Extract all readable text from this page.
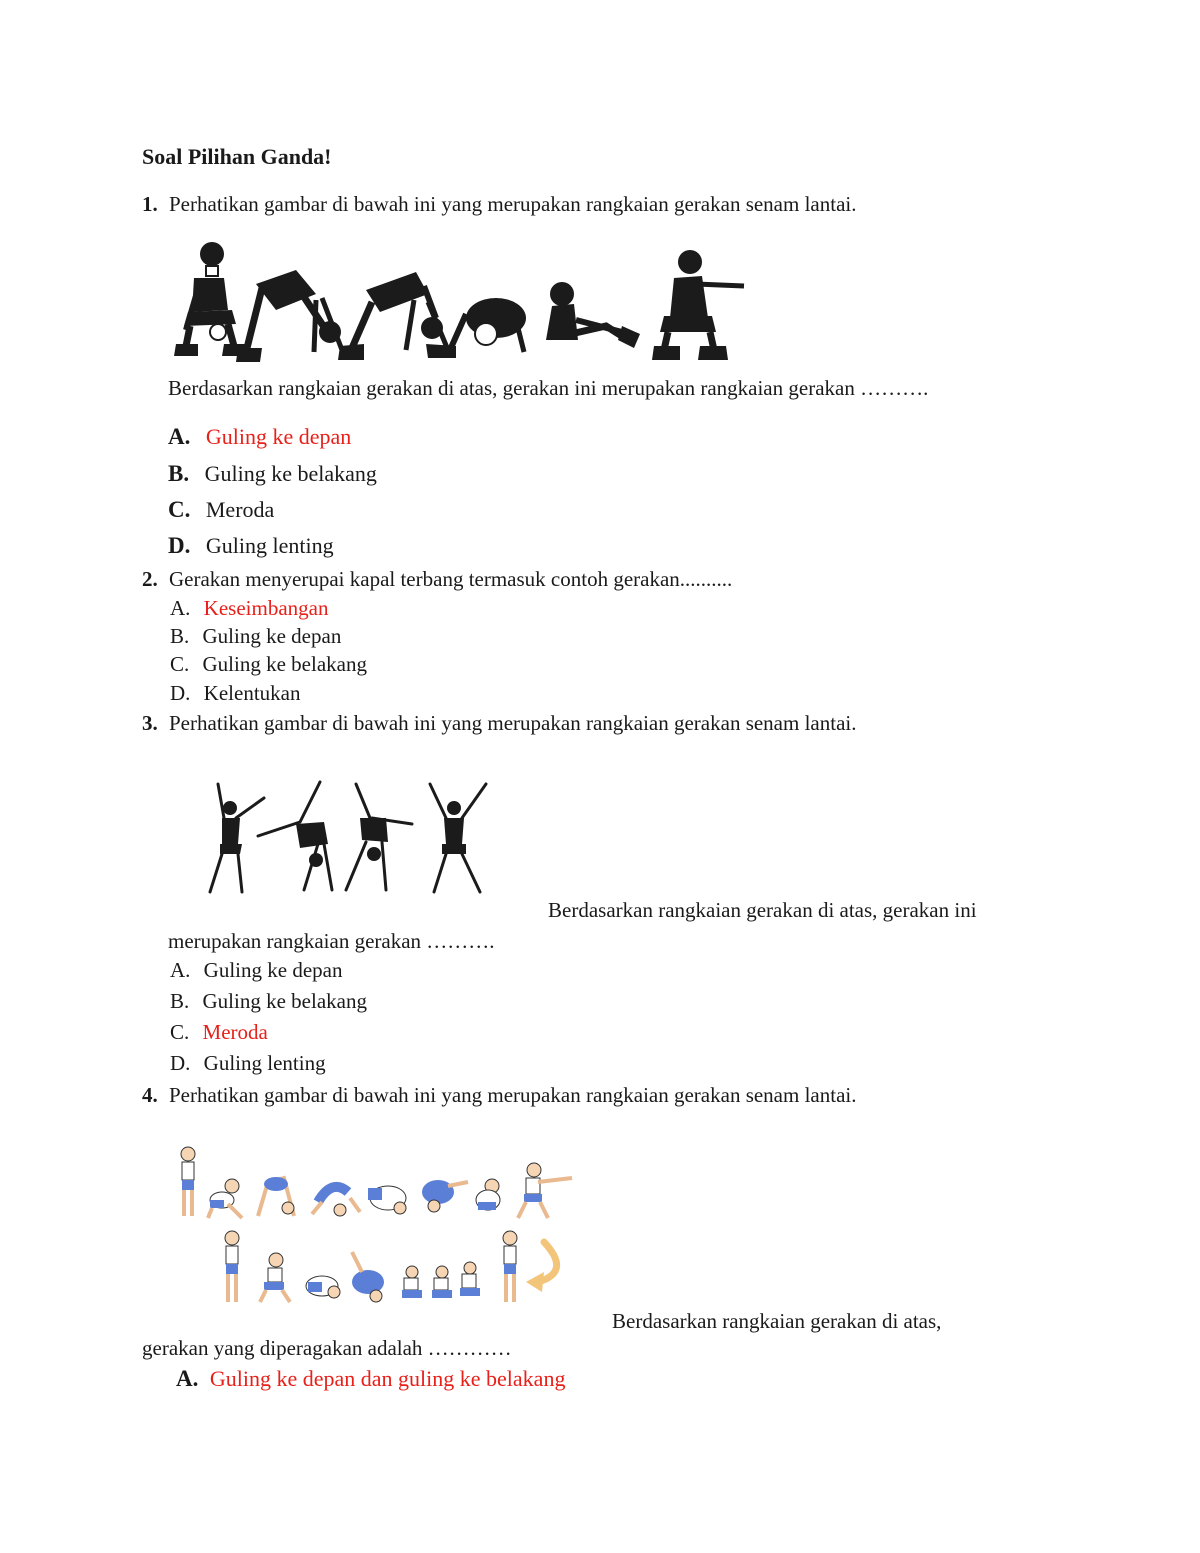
Soal Pilihan Ganda!
1. Perhatikan gambar di bawah ini yang merupakan rangkaian gerakan senam lantai.
Berdasarkan rangkaian gerakan di atas, gerakan ini merupakan rangkaian gerakan ……….
A. Guling ke depan
B. Guling ke belakang
C. Meroda
D. Guling lenting
2. Gerakan menyerupai kapal terbang termasuk contoh gerakan..........
A. Keseimbangan
B. Guling ke depan
C. Guling ke belakang
D. Kelentukan
3. Perhatikan gambar di bawah ini yang merupakan rangkaian gerakan senam lantai.
Berdasarkan rangkaian gerakan di atas, gerakan ini
merupakan rangkaian gerakan ……….
A. Guling ke depan
B. Guling ke belakang
C. Meroda
D. Guling lenting
4. Perhatikan gambar di bawah ini yang merupakan rangkaian gerakan senam lantai.
Berdasarkan rangkaian gerakan di atas,
gerakan yang diperagakan adalah …………
A. Guling ke depan dan guling ke belakang
